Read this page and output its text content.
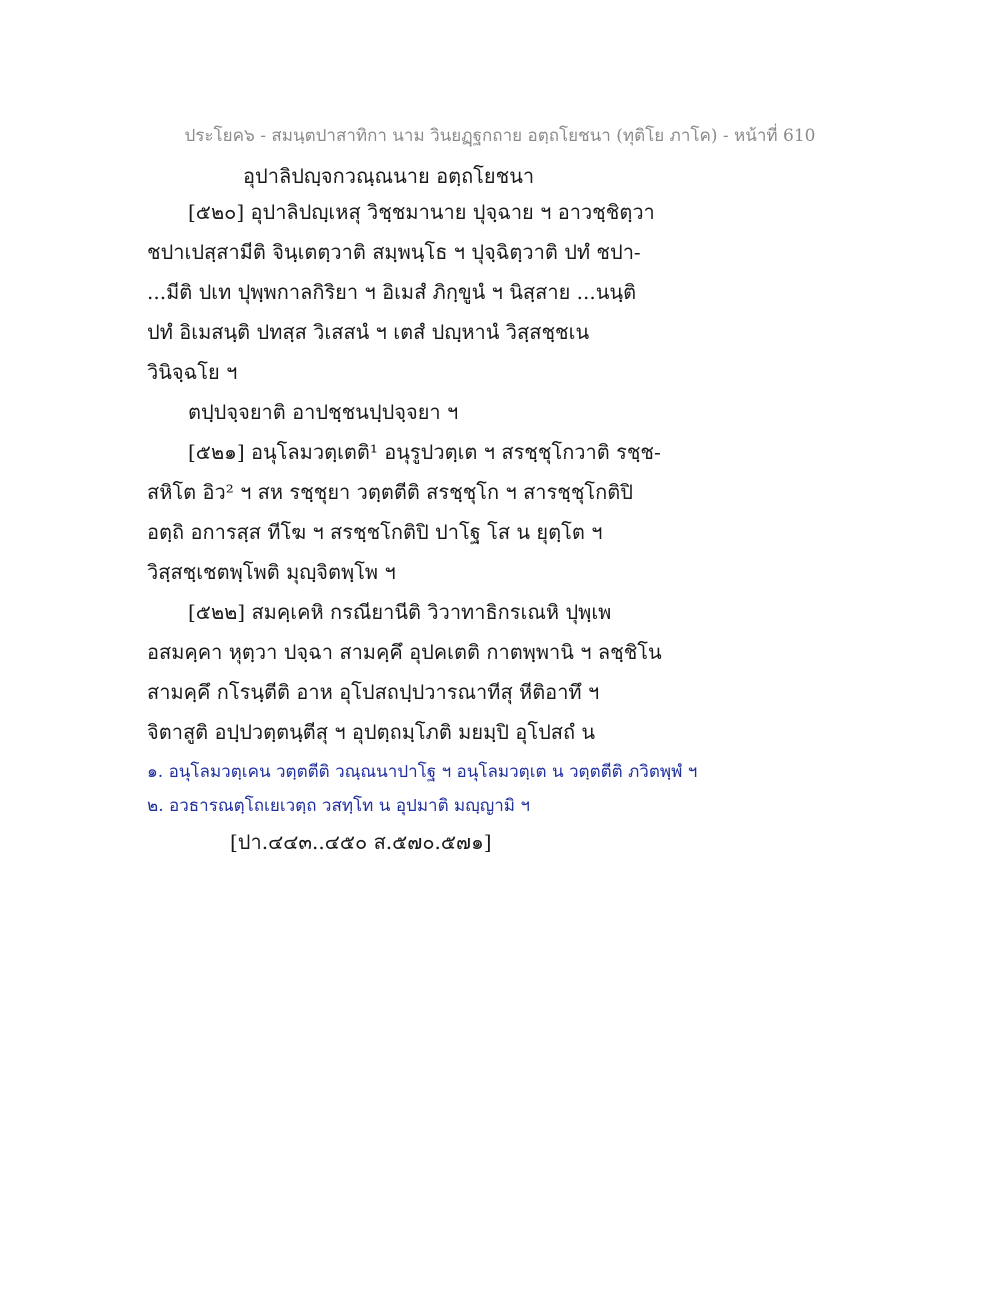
ประโยค๖ - สมนฺตปาสาทิกา นาม วินยฏฺฐกถาย อตฺถโยชนา (ทุติโย ภาโค) - หน้าที่ 610
อุปาลิปญฺจกวณฺณนาย อตฺถโยชนา
[๕๒๐] อุปาลิปญฺเหสุ วิชฺชมานาย ปุจฺฉาย ฯ อาวชฺชิตฺวา
ชปาเปสฺสามีติ จินฺเตตฺวาติ สมฺพนฺโธ ฯ ปุจฺฉิตฺวาติ ปทํ ชปา-
...มีติ ปเท ปุพฺพกาลกิริยา ฯ อิเมสํ ภิกฺขูนํ ฯ นิสฺสาย ...นนฺติ
ปทํ อิเมสนฺติ ปทสฺส วิเสสนํ ฯ เตสํ ปญฺหานํ วิสฺสชฺชเน
วินิจฺฉโย ฯ
ตปฺปจฺจยาติ อาปชฺชนปฺปจฺจยา ฯ
[๕๒๑] อนุโลมวตฺเตติ¹ อนุรูปวตฺเต ฯ สรชฺชุโกวาติ รชฺช-
สหิโต อิว² ฯ สห รชฺชุยา วตฺตตีติ สรชฺชุโก ฯ สารชฺชุโกติปิ
อตฺถิ อการสฺส ทีโฆ ฯ สรชฺชโกติปิ ปาโฐ โส น ยุตฺโต ฯ
วิสฺสชฺเชตพฺโพติ มุญฺจิตพฺโพ ฯ
[๕๒๒] สมคฺเคหิ กรณียานีติ วิวาทาธิกรเณหิ ปุพฺเพ
อสมคฺคา หุตฺวา ปจฺฉา สามคฺคึ อุปคเตติ กาตพฺพานิ ฯ ลชฺชิโน
สามคฺคึ กโรนฺตีติ อาห อุโปสถปฺปวารณาทีสุ หีติอาทึ ฯ
จิตาสูติ อปฺปวตฺตนฺตีสุ ฯ อุปตฺถมฺโภติ มยมฺปิ อุโปสถํ น
๑. อนุโลมวตฺเคน วตฺตตีติ วณฺณนาปาโฐ ฯ อนุโลมวตฺเต น วตฺตตีติ ภวิตพฺพํ ฯ
๒. อวธารณตฺโถเยเวตฺถ วสทฺโท น อุปมาติ มญฺญามิ ฯ
[ปา.๔๔๓..๔๕๐ ส.๕๗๐.๕๗๑]
